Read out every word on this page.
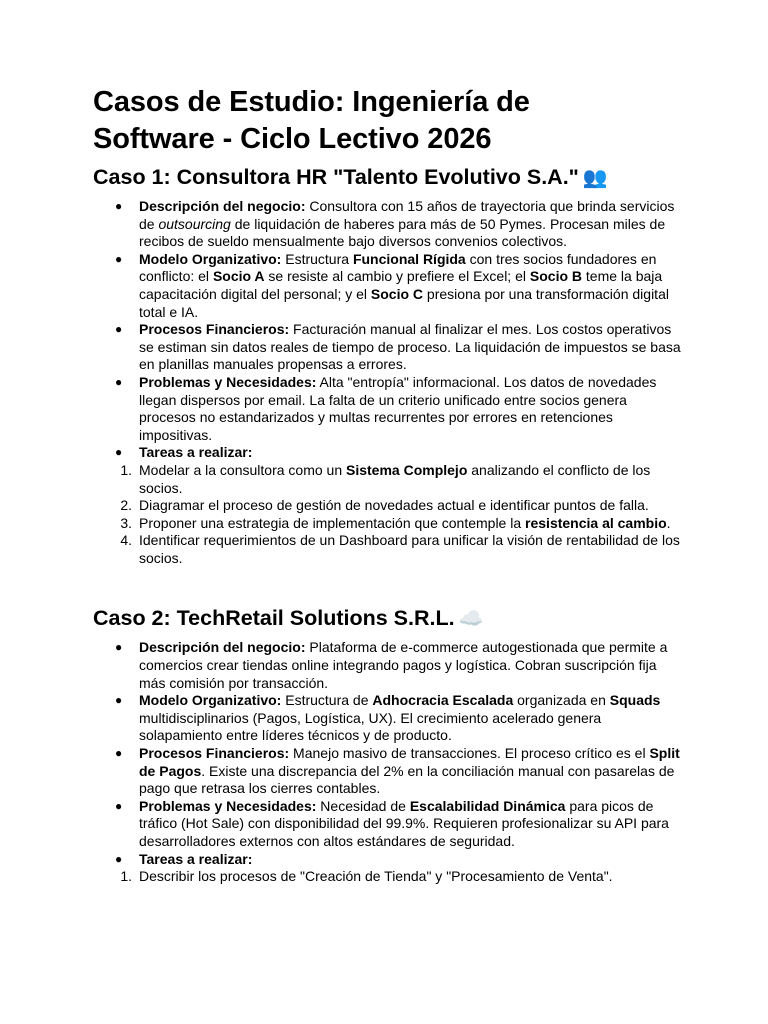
Casos de Estudio: Ingeniería de
Software - Ciclo Lectivo 2026
Caso 1: Consultora HR "Talento Evolutivo S.A." 👥
● Descripción del negocio: Consultora con 15 años de trayectoria que brinda servicios de outsourcing de liquidación de haberes para más de 50 Pymes. Procesan miles de recibos de sueldo mensualmente bajo diversos convenios colectivos.
● Modelo Organizativo: Estructura Funcional Rígida con tres socios fundadores en conflicto: el Socio A se resiste al cambio y prefiere el Excel; el Socio B teme la baja capacitación digital del personal; y el Socio C presiona por una transformación digital total e IA.
● Procesos Financieros: Facturación manual al finalizar el mes. Los costos operativos se estiman sin datos reales de tiempo de proceso. La liquidación de impuestos se basa en planillas manuales propensas a errores.
● Problemas y Necesidades: Alta "entropía" informacional. Los datos de novedades llegan dispersos por email. La falta de un criterio unificado entre socios genera procesos no estandarizados y multas recurrentes por errores en retenciones impositivas.
● Tareas a realizar:
1. Modelar a la consultora como un Sistema Complejo analizando el conflicto de los socios.
2. Diagramar el proceso de gestión de novedades actual e identificar puntos de falla.
3. Proponer una estrategia de implementación que contemple la resistencia al cambio.
4. Identificar requerimientos de un Dashboard para unificar la visión de rentabilidad de los socios.
Caso 2: TechRetail Solutions S.R.L. ☁️
● Descripción del negocio: Plataforma de e-commerce autogestionada que permite a comercios crear tiendas online integrando pagos y logística. Cobran suscripción fija más comisión por transacción.
● Modelo Organizativo: Estructura de Adhocracia Escalada organizada en Squads multidisciplinarios (Pagos, Logística, UX). El crecimiento acelerado genera solapamiento entre líderes técnicos y de producto.
● Procesos Financieros: Manejo masivo de transacciones. El proceso crítico es el Split de Pagos. Existe una discrepancia del 2% en la conciliación manual con pasarelas de pago que retrasa los cierres contables.
● Problemas y Necesidades: Necesidad de Escalabilidad Dinámica para picos de tráfico (Hot Sale) con disponibilidad del 99.9%. Requieren profesionalizar su API para desarrolladores externos con altos estándares de seguridad.
● Tareas a realizar:
1. Describir los procesos de "Creación de Tienda" y "Procesamiento de Venta".
